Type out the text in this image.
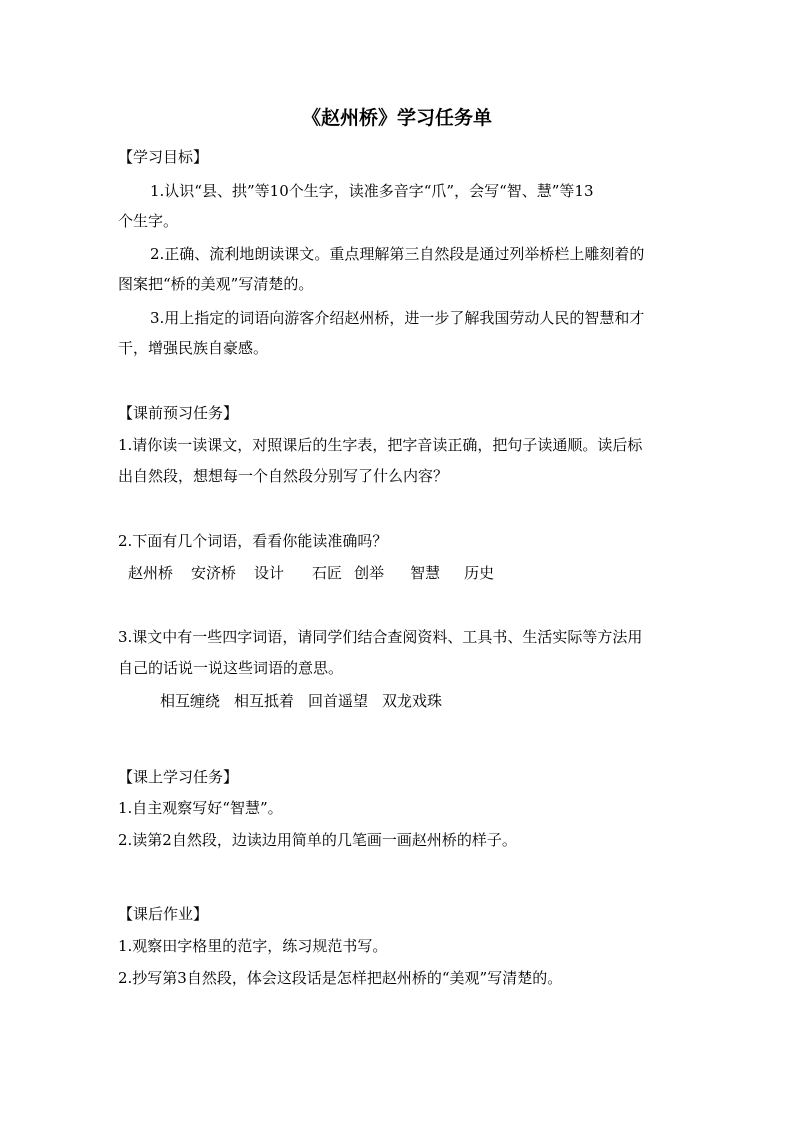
《赵州桥》学习任务单
【学习目标】
1.认识“县、拱”等10个生字，读准多音字“爪”，会写“智、慧”等13
个生字。
2.正确、流利地朗读课文。重点理解第三自然段是通过列举桥栏上雕刻着的
图案把“桥的美观”写清楚的。
3.用上指定的词语向游客介绍赵州桥，进一步了解我国劳动人民的智慧和才
干，增强民族自豪感。
【课前预习任务】
1.请你读一读课文，对照课后的生字表，把字音读正确，把句子读通顺。读后标
出自然段，想想每一个自然段分别写了什么内容？
2.下面有几个词语，看看你能读准确吗？
赵州桥 安济桥 设计 石匠 创举 智慧 历史
3.课文中有一些四字词语，请同学们结合查阅资料、工具书、生活实际等方法用
自己的话说一说这些词语的意思。
相互缠绕 相互抵着 回首遥望 双龙戏珠
【课上学习任务】
1.自主观察写好“智慧”。
2.读第2自然段，边读边用简单的几笔画一画赵州桥的样子。
【课后作业】
1.观察田字格里的范字，练习规范书写。
2.抄写第3自然段，体会这段话是怎样把赵州桥的“美观”写清楚的。
